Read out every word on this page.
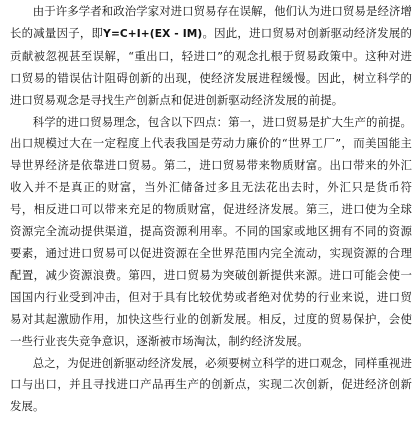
由于许多学者和政治学家对进口贸易存在误解，他们认为进口贸易是经济增长的减量因子，即Y=C+I+(EX - IM)。因此，进口贸易对创新驱动经济发展的贡献被忽视甚至误解，“重出口，轻进口”的观念扎根于贸易政策中。这种对进口贸易的错误估计阻碍创新的出现，使经济发展进程缓慢。因此，树立科学的进口贸易观念是寻找生产创新点和促进创新驱动经济发展的前提。

科学的进口贸易理念，包含以下四点：第一，进口贸易是扩大生产的前提。出口规模过大在一定程度上代表我国是劳动力廉价的“世界工厂”，而美国能主导世界经济是依靠进口贸易。第二，进口贸易带来物质财富。出口带来的外汇收入并不是真正的财富，当外汇储备过多且无法花出去时，外汇只是货币符号，相反进口可以带来充足的物质财富，促进经济发展。第三，进口使为全球资源完全流动提供渠道，提高资源利用率。不同的国家或地区拥有不同的资源要素，通过进口贸易可以促进资源在全世界范围内完全流动，实现资源的合理配置，减少资源浪费。第四，进口贸易为突破创新提供来源。进口可能会使一国国内行业受到冲击，但对于具有比较优势或者绝对优势的行业来说，进口贸易对其起激励作用，加快这些行业的创新发展。相反，过度的贸易保护，会使一些行业丧失竞争意识，逐渐被市场淘汰，制约经济发展。

总之，为促进创新驱动经济发展，必须要树立科学的进口观念，同样重视进口与出口，并且寻找进口产品再生产的创新点，实现二次创新，促进经济创新发展。
